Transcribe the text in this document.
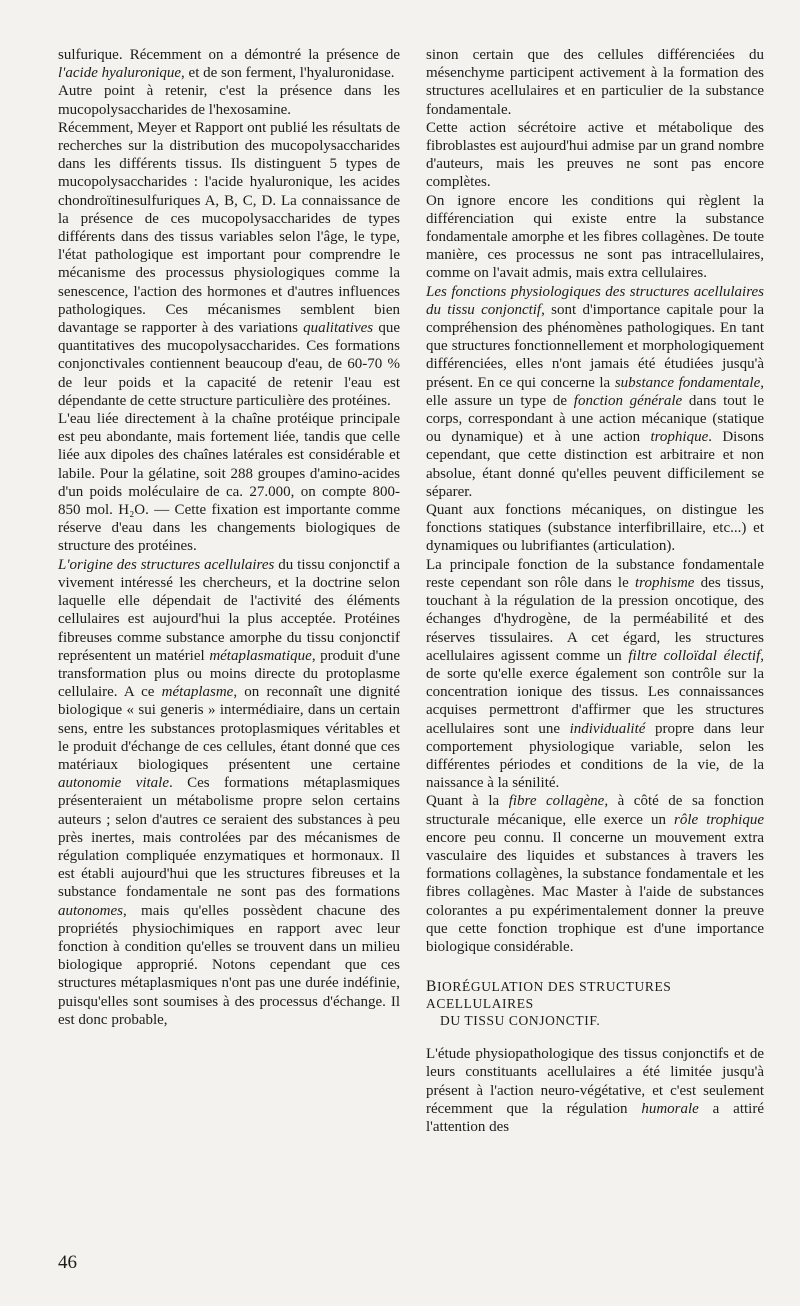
sulfurique. Récemment on a démontré la présence de l'acide hyaluronique, et de son ferment, l'hyaluronidase.

Autre point à retenir, c'est la présence dans les mucopolysaccharides de l'hexosamine.

Récemment, Meyer et Rapport ont publié les résultats de recherches sur la distribution des mucopolysaccharides dans les différents tissus. Ils distinguent 5 types de mucopolysaccharides : l'acide hyaluronique, les acides chondroïtinesulfuriques A, B, C, D. La connaissance de la présence de ces mucopolysaccharides de types différents dans des tissus variables selon l'âge, le type, l'état pathologique est important pour comprendre le mécanisme des processus physiologiques comme la senescence, l'action des hormones et d'autres influences pathologiques. Ces mécanismes semblent bien davantage se rapporter à des variations qualitatives que quantitatives des mucopolysaccharides. Ces formations conjonctivales contiennent beaucoup d'eau, de 60-70 % de leur poids et la capacité de retenir l'eau est dépendante de cette structure particulière des protéines.

L'eau liée directement à la chaîne protéique principale est peu abondante, mais fortement liée, tandis que celle liée aux dipoles des chaînes latérales est considérable et labile. Pour la gélatine, soit 288 groupes d'amino-acides d'un poids moléculaire de ca. 27.000, on compte 800-850 mol. H₂O. — Cette fixation est importante comme réserve d'eau dans les changements biologiques de structure des protéines.

L'origine des structures acellulaires du tissu conjonctif a vivement intéressé les chercheurs, et la doctrine selon laquelle elle dépendait de l'activité des éléments cellulaires est aujourd'hui la plus acceptée. Protéines fibreuses comme substance amorphe du tissu conjonctif représentent un matériel métaplasmatique, produit d'une transformation plus ou moins directe du protoplasme cellulaire. A ce métaplasme, on reconnaît une dignité biologique « sui generis » intermédiaire, dans un certain sens, entre les substances protoplasmiques véritables et le produit d'échange de ces cellules, étant donné que ces matériaux biologiques présentent une certaine autonomie vitale. Ces formations métaplasmiques présenteraient un métabolisme propre selon certains auteurs ; selon d'autres ce seraient des substances à peu près inertes, mais controlées par des mécanismes de régulation compliquée enzymatiques et hormonaux. Il est établi aujourd'hui que les structures fibreuses et la substance fondamentale ne sont pas des formations autonomes, mais qu'elles possèdent chacune des propriétés physiochimiques en rapport avec leur fonction à condition qu'elles se trouvent dans un milieu biologique approprié. Notons cependant que ces structures métaplasmiques n'ont pas une durée indéfinie, puisqu'elles sont soumises à des processus d'échange. Il est donc probable,

sinon certain que des cellules différenciées du mésenchyme participent activement à la formation des structures acellulaires et en particulier de la substance fondamentale.

Cette action sécrétoire active et métabolique des fibroblastes est aujourd'hui admise par un grand nombre d'auteurs, mais les preuves ne sont pas encore complètes.

On ignore encore les conditions qui règlent la différenciation qui existe entre la substance fondamentale amorphe et les fibres collagènes. De toute manière, ces processus ne sont pas intracellulaires, comme on l'avait admis, mais extra cellulaires.

Les fonctions physiologiques des structures acellulaires du tissu conjonctif, sont d'importance capitale pour la compréhension des phénomènes pathologiques. En tant que structures fonctionnellement et morphologiquement différenciées, elles n'ont jamais été étudiées jusqu'à présent. En ce qui concerne la substance fondamentale, elle assure un type de fonction générale dans tout le corps, correspondant à une action mécanique (statique ou dynamique) et à une action trophique. Disons cependant, que cette distinction est arbitraire et non absolue, étant donné qu'elles peuvent difficilement se séparer.

Quant aux fonctions mécaniques, on distingue les fonctions statiques (substance interfibrillaire, etc...) et dynamiques ou lubrifiantes (articulation).

La principale fonction de la substance fondamentale reste cependant son rôle dans le trophisme des tissus, touchant à la régulation de la pression oncotique, des échanges d'hydrogène, de la perméabilité et des réserves tissulaires. A cet égard, les structures acellulaires agissent comme un filtre colloïdal électif, de sorte qu'elle exerce également son contrôle sur la concentration ionique des tissus. Les connaissances acquises permettront d'affirmer que les structures acellulaires sont une individualité propre dans leur comportement physiologique variable, selon les différentes périodes et conditions de la vie, de la naissance à la sénilité.

Quant à la fibre collagène, à côté de sa fonction structurale mécanique, elle exerce un rôle trophique encore peu connu. Il concerne un mouvement extra vasculaire des liquides et substances à travers les formations collagènes, la substance fondamentale et les fibres collagènes. Mac Master à l'aide de substances colorantes a pu expérimentalement donner la preuve que cette fonction trophique est d'une importance biologique considérable.

BIORÉGULATION DES STRUCTURES ACELLULAIRES
DU TISSU CONJONCTIF.

L'étude physiopathologique des tissus conjonctifs et de leurs constituants acellulaires a été limitée jusqu'à présent à l'action neuro-végétative, et c'est seulement récemment que la régulation humorale a attiré l'attention des

46
